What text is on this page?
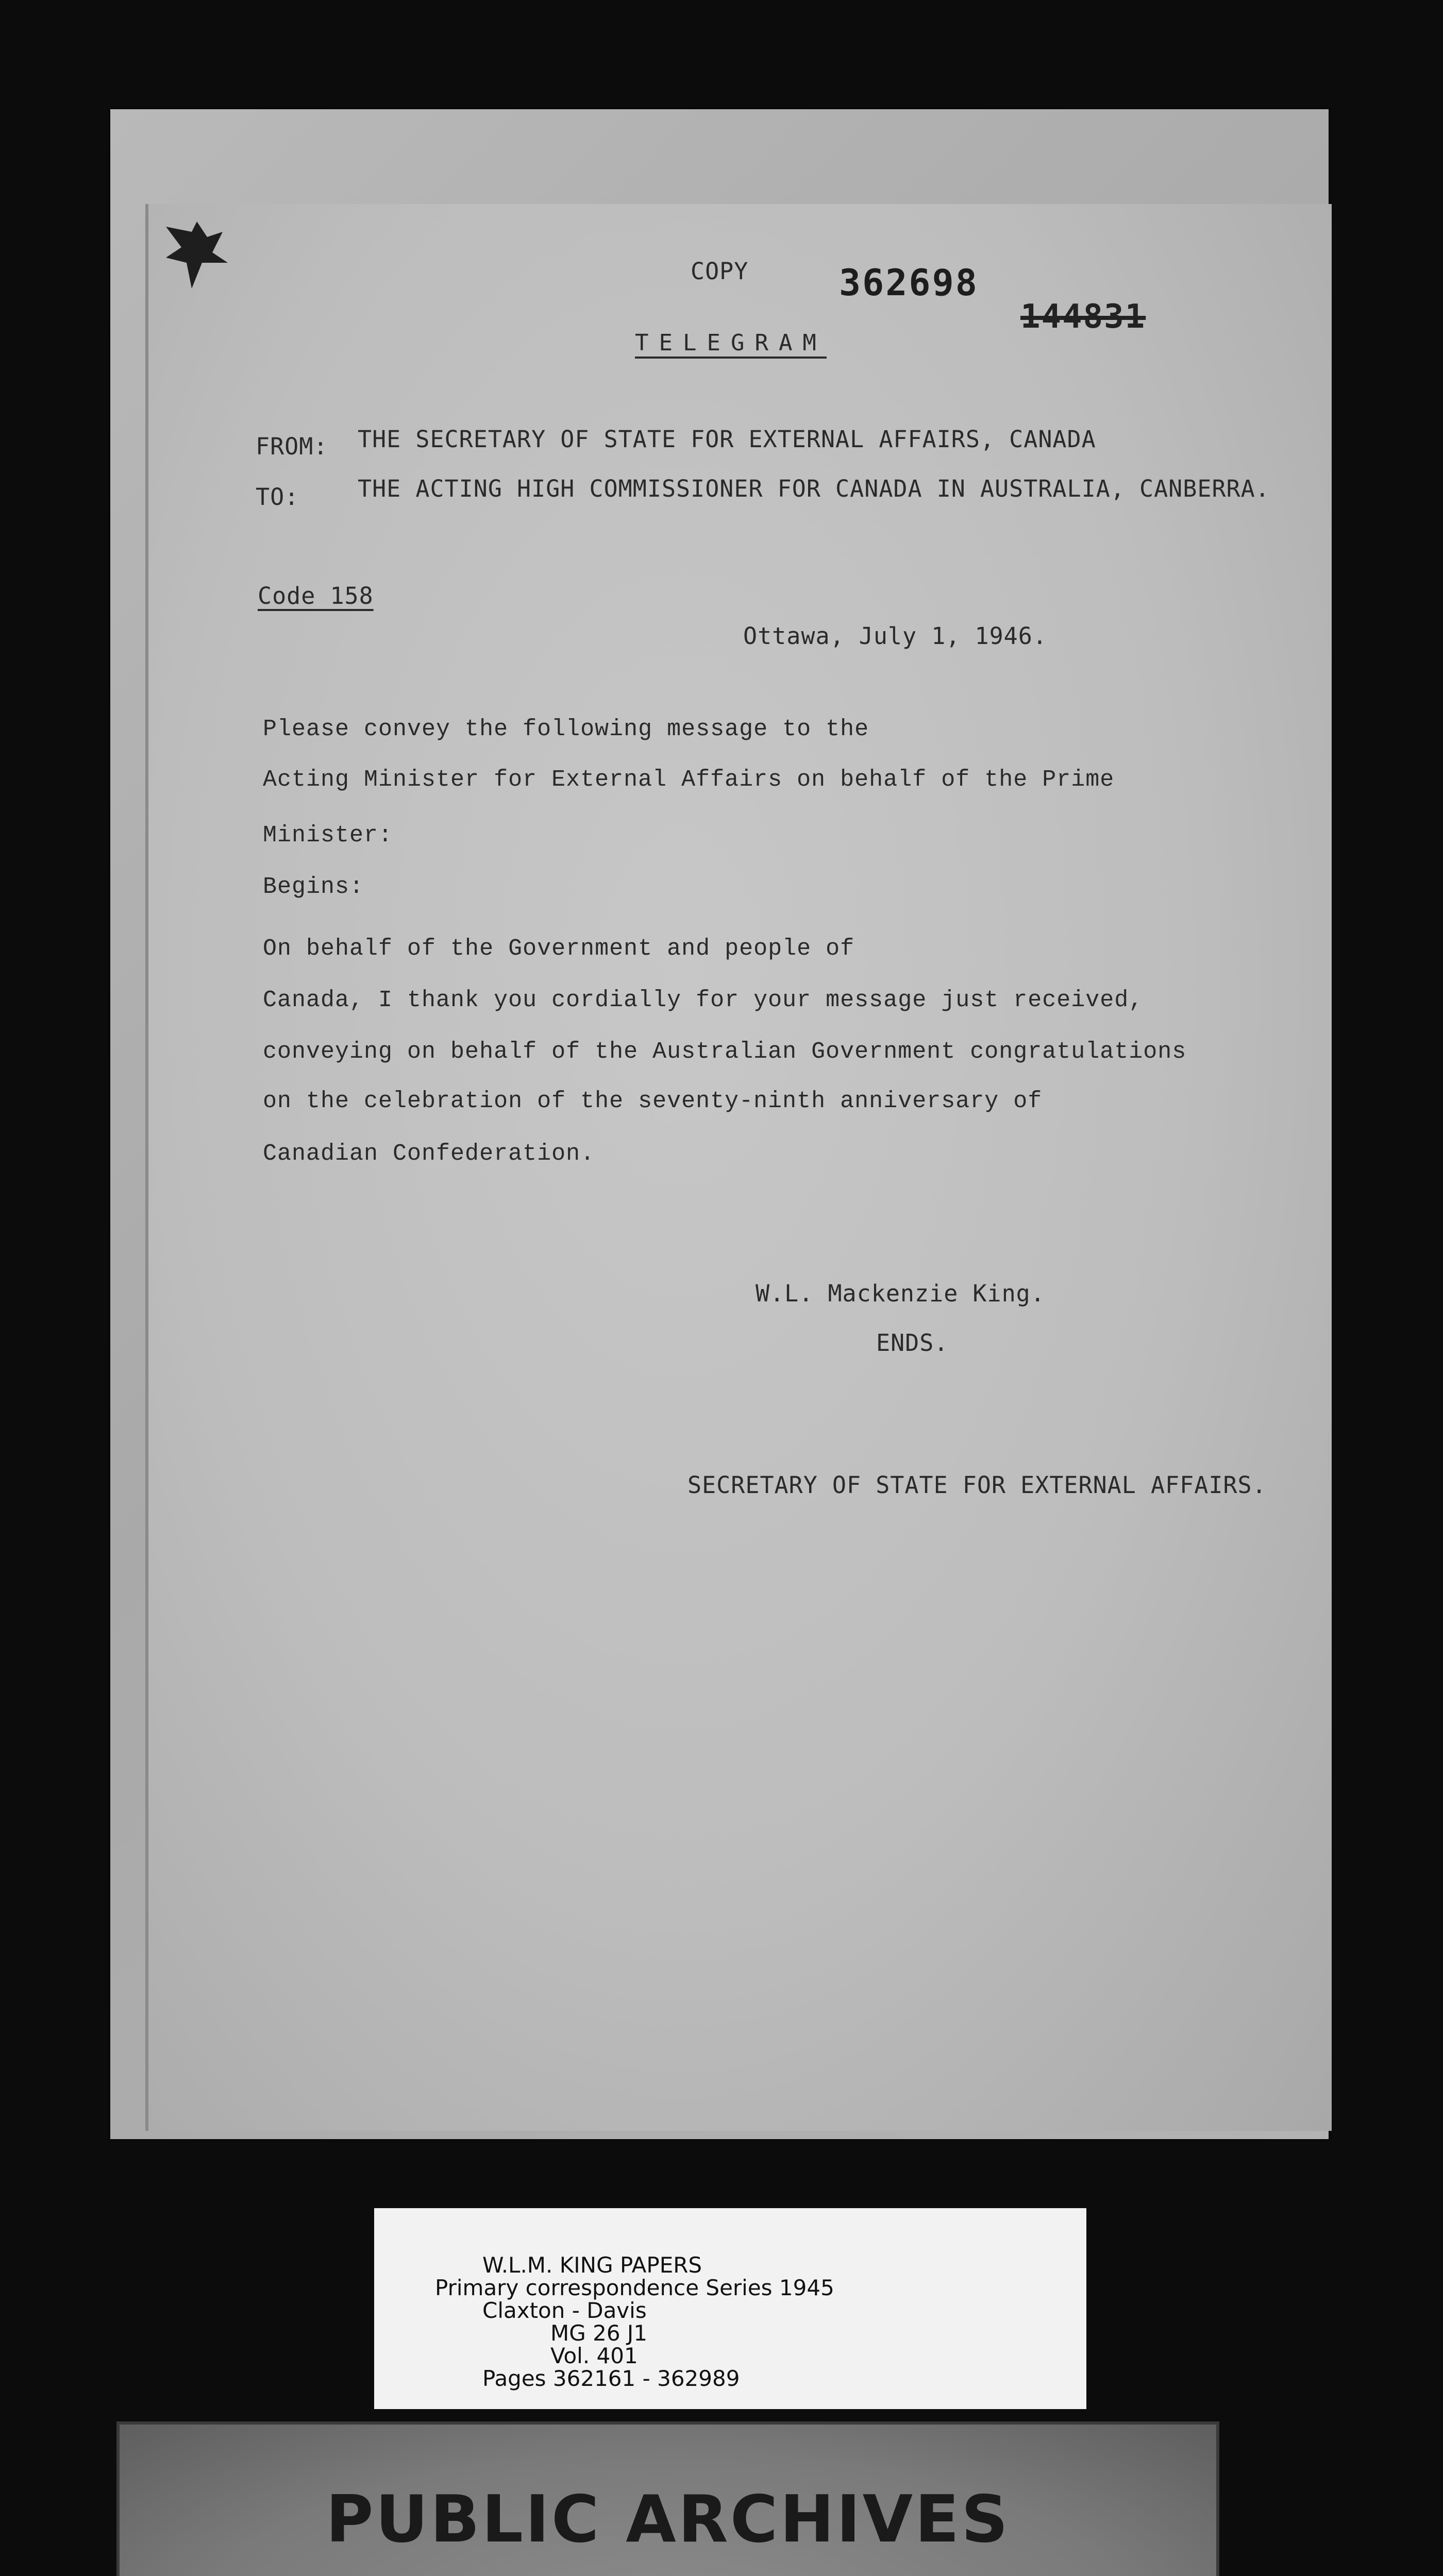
COPY	362698
144831
TELEGRAM
FROM: THE SECRETARY OF STATE FOR EXTERNAL AFFAIRS, CANADA
TO:	THE ACTING HIGH COMMISSIONER FOR CANADA IN AUSTRALIA, CANBERRA.
Code 158
Ottawa, July 1, 1946.
Please convey the following message to the
Acting Minister for External Affairs on behalf of the Prime
Minister:
Begins:
On behalf of the Government and people of
Canada, I thank you cordially for your message just received,
conveying on behalf of the Australian Government congratulations
on the celebration of the seventy-ninth anniversary of
Canadian Confederation.
W.L. Mackenzie King.
ENDS.
SECRETARY OF STATE FOR EXTERNAL AFFAIRS.
W.L.M. KING PAPERS
Primary correspondence Series 1945
Claxton - Davis
MG 26 J1
Vol. 401
Pages 362161 - 362989
PUBLIC ARCHIVES
